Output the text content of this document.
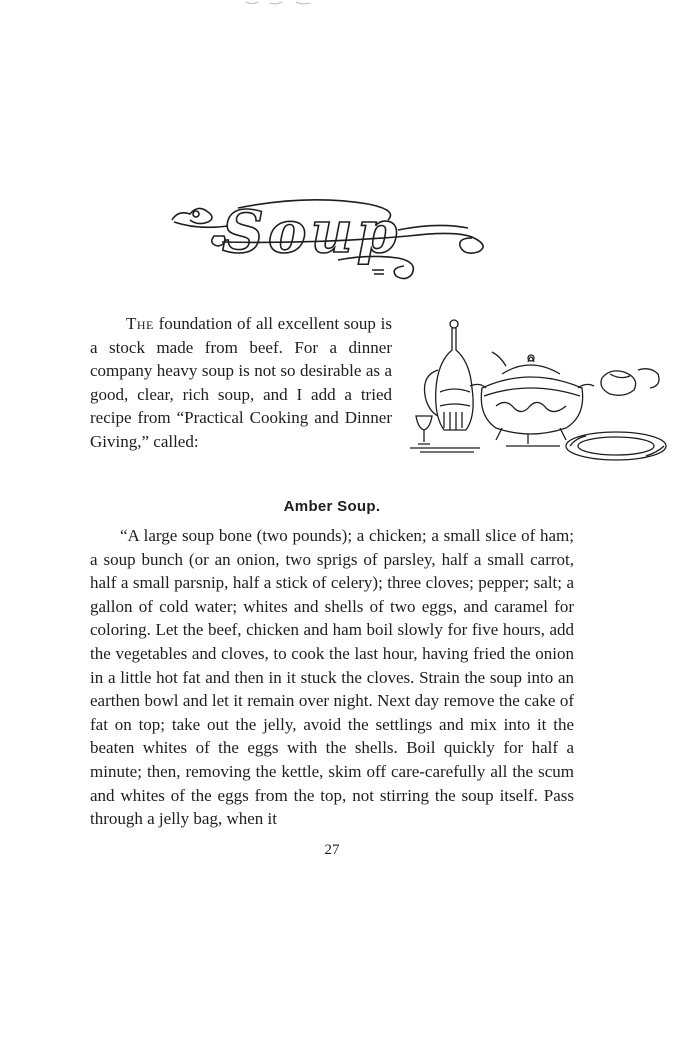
Soup

The foundation of all excellent soup is a stock made from beef. For a dinner company heavy soup is not so desirable as a good, clear, rich soup, and I add a tried recipe from “Practical Cooking and Dinner Giving,” called:

Amber Soup.

“A large soup bone (two pounds); a chicken; a small slice of ham; a soup bunch (or an onion, two sprigs of parsley, half a small carrot, half a small parsnip, half a stick of celery); three cloves; pepper; salt; a gallon of cold water; whites and shells of two eggs, and caramel for coloring. Let the beef, chicken and ham boil slowly for five hours, add the vegetables and cloves, to cook the last hour, having fried the onion in a little hot fat and then in it stuck the cloves. Strain the soup into an earthen bowl and let it remain over night. Next day remove the cake of fat on top; take out the jelly, avoid the settlings and mix into it the beaten whites of the eggs with the shells. Boil quickly for half a minute; then, removing the kettle, skim off care-carefully all the scum and whites of the eggs from the top, not stirring the soup itself. Pass through a jelly bag, when it

27
